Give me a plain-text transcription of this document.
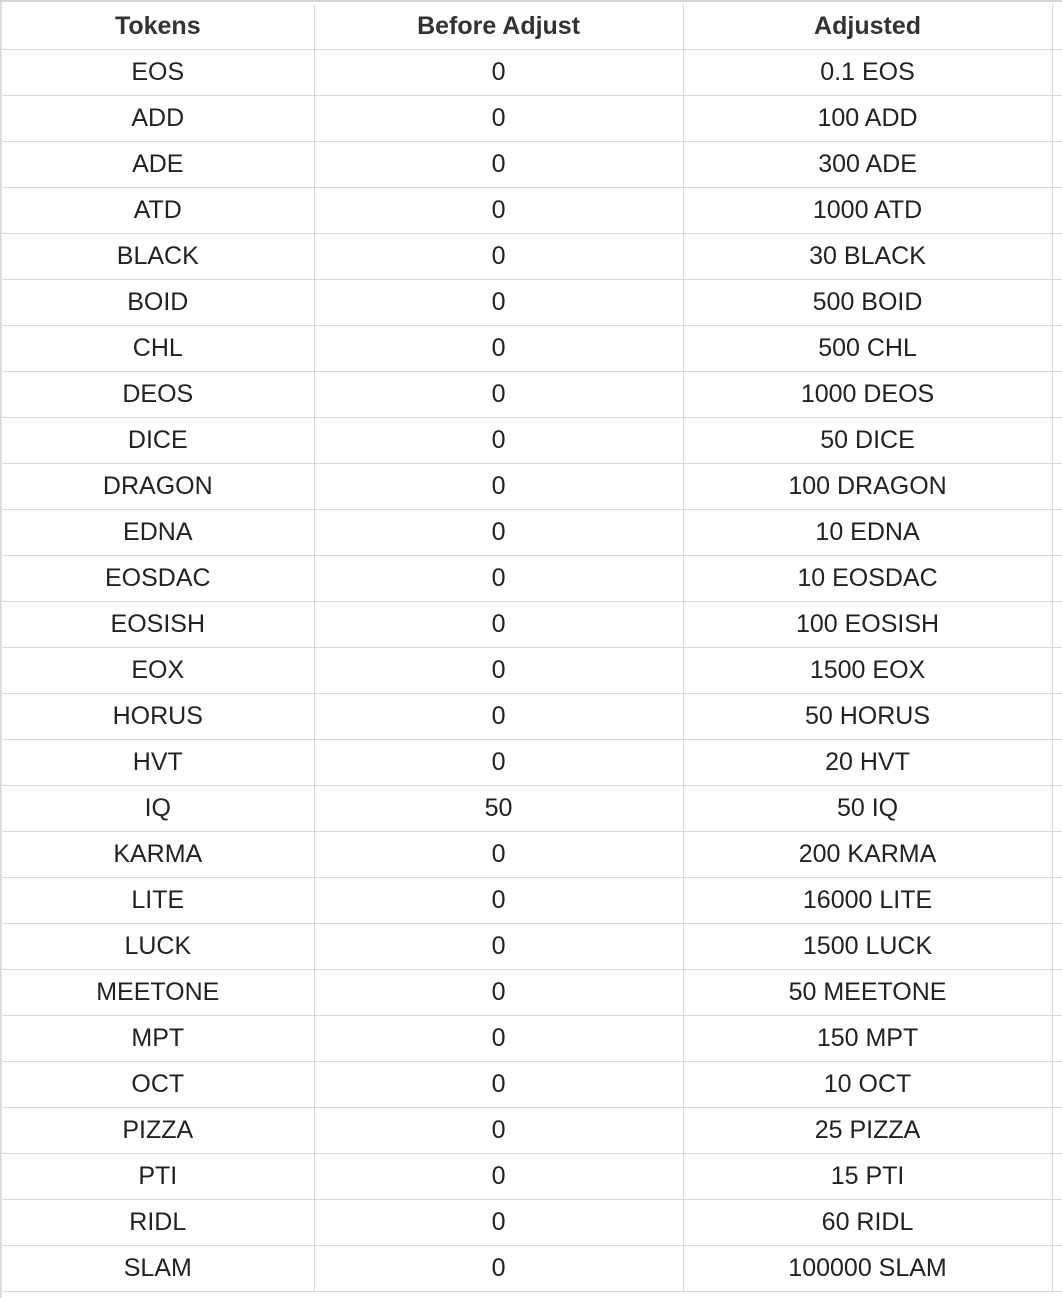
Tokens	Before Adjust	Adjusted	
EOS	0	0.1 EOS	
ADD	0	100 ADD	
ADE	0	300 ADE	
ATD	0	1000 ATD	
BLACK	0	30 BLACK	
BOID	0	500 BOID	
CHL	0	500 CHL	
DEOS	0	1000 DEOS	
DICE	0	50 DICE	
DRAGON	0	100 DRAGON	
EDNA	0	10 EDNA	
EOSDAC	0	10 EOSDAC	
EOSISH	0	100 EOSISH	
EOX	0	1500 EOX	
HORUS	0	50 HORUS	
HVT	0	20 HVT	
IQ	50	50 IQ	
KARMA	0	200 KARMA	
LITE	0	16000 LITE	
LUCK	0	1500 LUCK	
MEETONE	0	50 MEETONE	
MPT	0	150 MPT	
OCT	0	10 OCT	
PIZZA	0	25 PIZZA	
PTI	0	15 PTI	
RIDL	0	60 RIDL	
SLAM	0	100000 SLAM	
